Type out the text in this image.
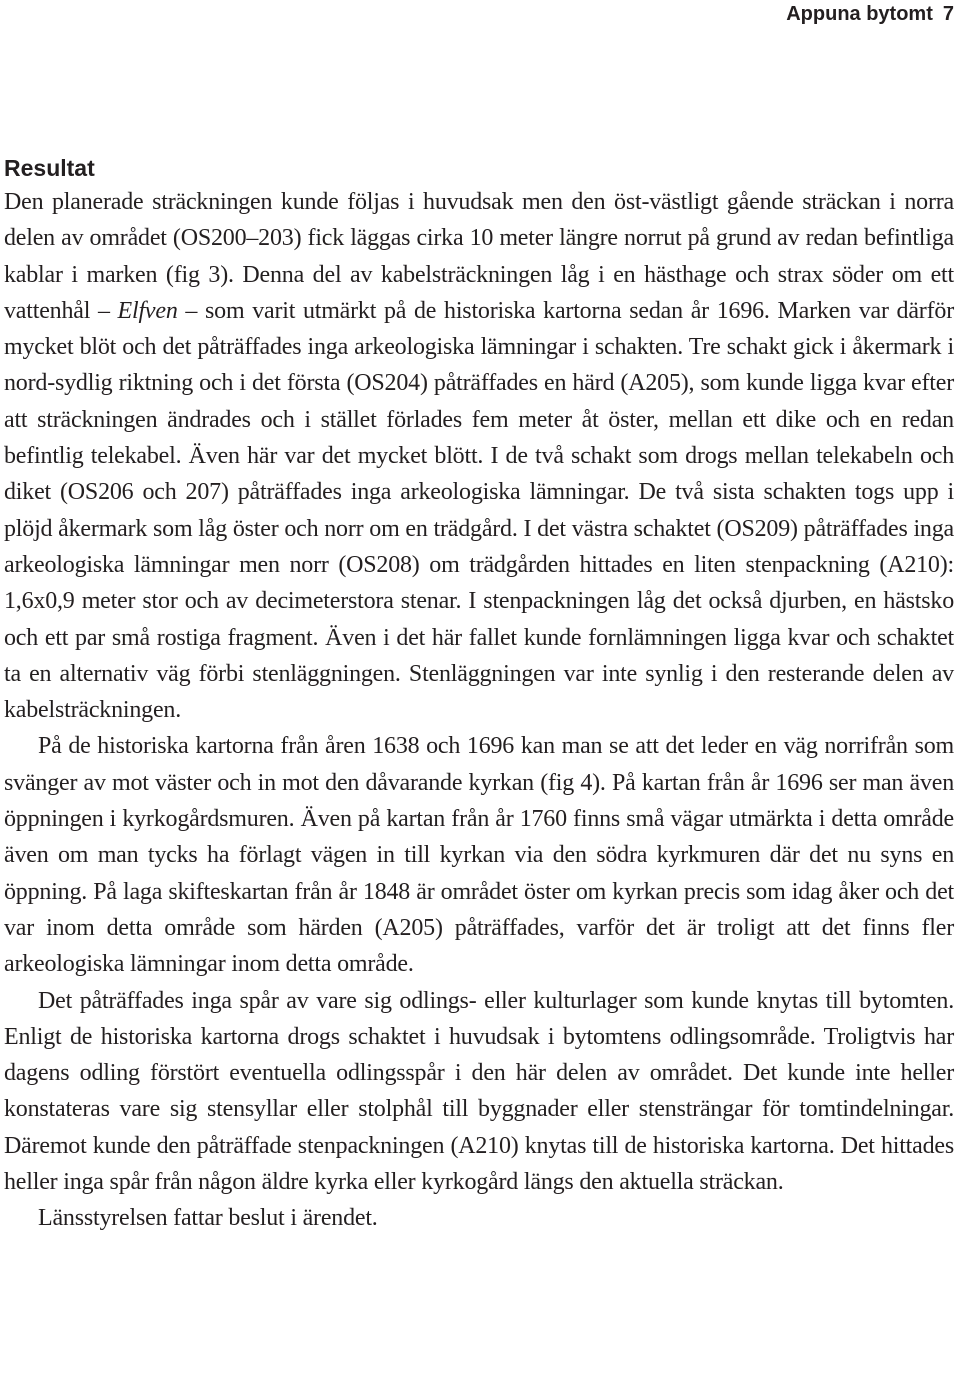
Appuna bytomt 7
Resultat

Den planerade sträckningen kunde följas i huvudsak men den öst-västligt gående sträckan i norra delen av området (OS200–203) fick läggas cirka 10 meter längre norrut på grund av redan befintliga kablar i marken (fig 3). Denna del av kabelsträckningen låg i en hästhage och strax söder om ett vattenhål – Elfven – som varit utmärkt på de historiska kartorna sedan år 1696. Marken var därför mycket blöt och det påträffades inga arkeologiska lämningar i schakten. Tre schakt gick i åkermark i nord-sydlig riktning och i det första (OS204) påträffades en härd (A205), som kunde ligga kvar efter att sträckningen ändrades och i stället förlades fem meter åt öster, mellan ett dike och en redan befintlig telekabel. Även här var det mycket blött. I de två schakt som drogs mellan telekabeln och diket (OS206 och 207) påträffades inga arkeologiska lämningar. De två sista schakten togs upp i plöjd åkermark som låg öster och norr om en trädgård. I det västra schaktet (OS209) påträffades inga arkeologiska lämningar men norr (OS208) om trädgården hittades en liten stenpackning (A210): 1,6x0,9 meter stor och av decimeterstora stenar. I stenpackningen låg det också djurben, en hästsko och ett par små rostiga fragment. Även i det här fallet kunde fornlämningen ligga kvar och schaktet ta en alternativ väg förbi stenläggningen. Stenläggningen var inte synlig i den resterande delen av kabelsträckningen.

På de historiska kartorna från åren 1638 och 1696 kan man se att det leder en väg norrifrån som svänger av mot väster och in mot den dåvarande kyrkan (fig 4). På kartan från år 1696 ser man även öppningen i kyrkogårdsmuren. Även på kartan från år 1760 finns små vägar utmärkta i detta område även om man tycks ha förlagt vägen in till kyrkan via den södra kyrkmuren där det nu syns en öppning. På laga skifteskartan från år 1848 är området öster om kyrkan precis som idag åker och det var inom detta område som härden (A205) påträffades, varför det är troligt att det finns fler arkeologiska lämningar inom detta område.

Det påträffades inga spår av vare sig odlings- eller kulturlager som kunde knytas till bytomten. Enligt de historiska kartorna drogs schaktet i huvudsak i bytomtens odlingsområde. Troligtvis har dagens odling förstört eventuella odlingsspår i den här delen av området. Det kunde inte heller konstateras vare sig stensyllar eller stolphål till byggnader eller stensträngar för tomtindelningar. Däremot kunde den påträffade stenpackningen (A210) knytas till de historiska kartorna. Det hittades heller inga spår från någon äldre kyrka eller kyrkogård längs den aktuella sträckan.

Länsstyrelsen fattar beslut i ärendet.
